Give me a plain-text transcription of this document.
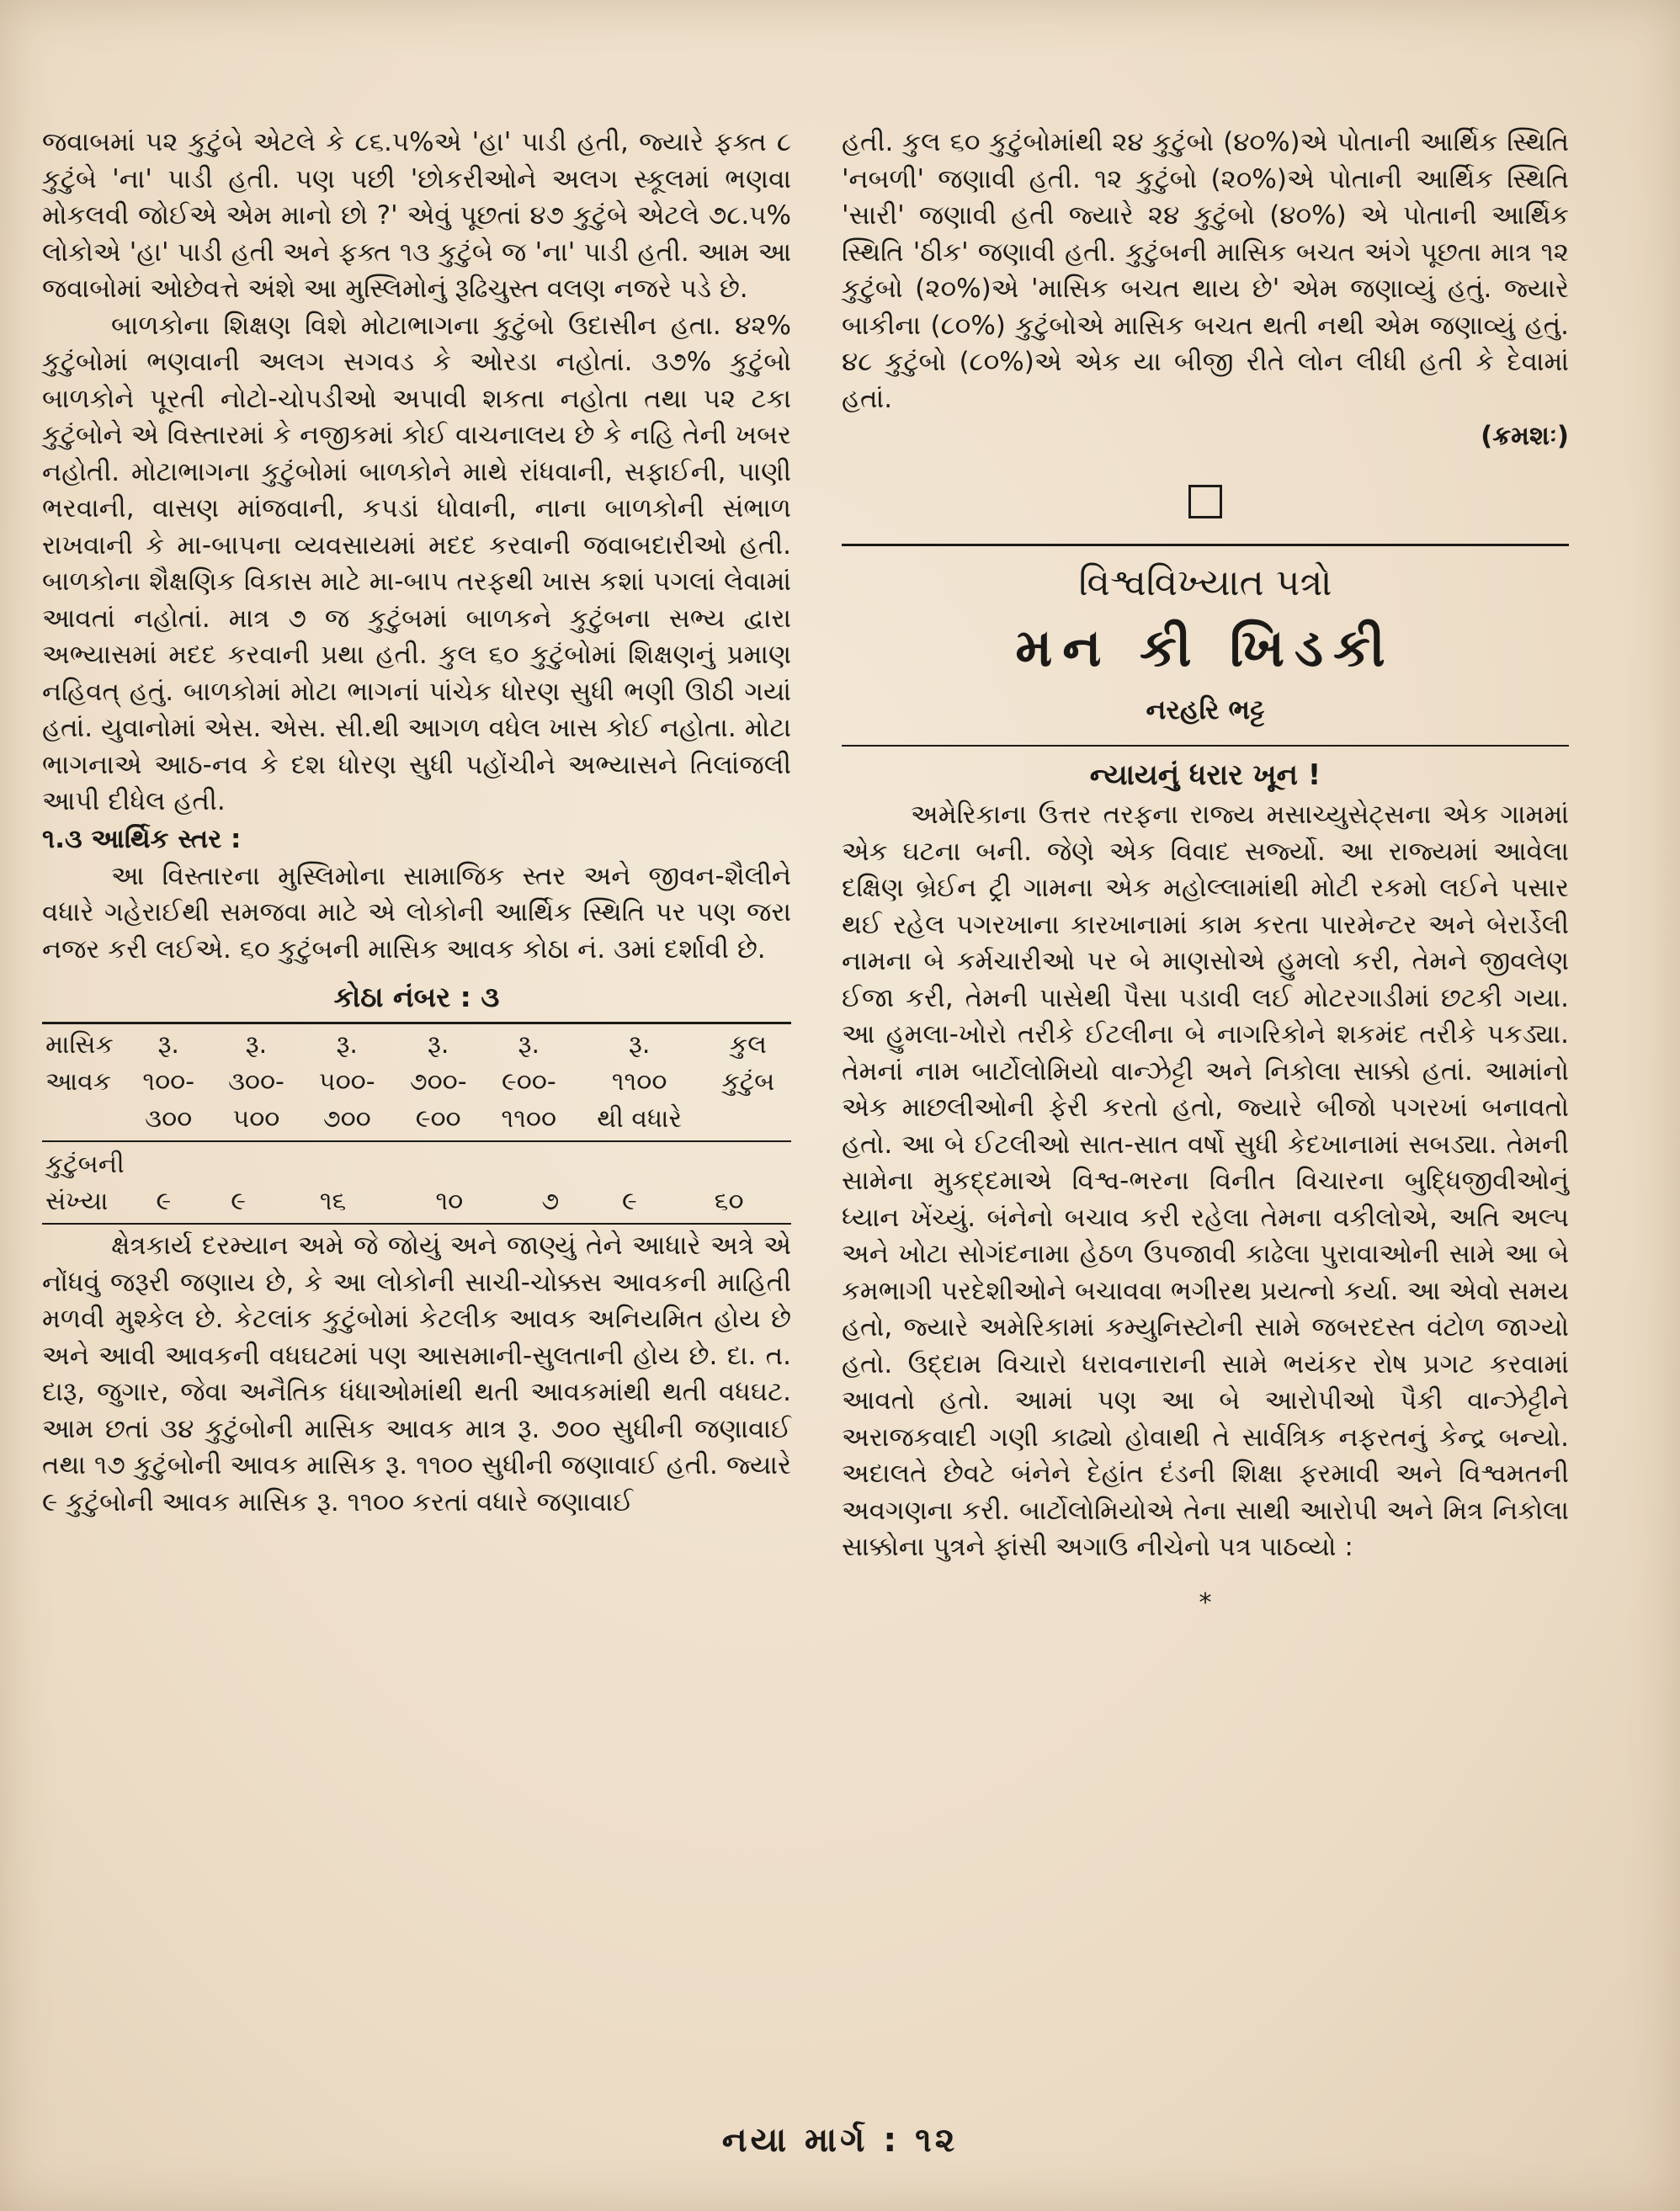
જવાબમાં ૫૨ કુટુંબે એટલે કે ૮૬.૫%એ 'હા' પાડી હતી, જ્યારે ફક્ત ૮ કુટુંબે 'ના' પાડી હતી. પણ પછી 'છોકરીઓને અલગ સ્કૂલમાં ભણવા મોકલવી જોઈએ એમ માનો છો ?' એવું પૂછતાં ૪૭ કુટુંબે એટલે ૭૮.૫% લોકોએ 'હા' પાડી હતી અને ફક્ત ૧૩ કુટુંબે જ 'ના' પાડી હતી. આમ આ જવાબોમાં ઓછેવત્તે અંશે આ મુસ્લિમોનું રૂઢિચુસ્ત વલણ નજરે પડે છે.

બાળકોના શિક્ષણ વિશે મોટાભાગના કુટુંબો ઉદાસીન હતા. ૪૨% કુટુંબોમાં ભણવાની અલગ સગવડ કે ઓરડા નહોતાં. ૩૭% કુટુંબો બાળકોને પૂરતી નોટો-ચોપડીઓ અપાવી શકતા નહોતા તથા ૫૨ ટકા કુટુંબોને એ વિસ્તારમાં કે નજીકમાં કોઈ વાચનાલય છે કે નહિ તેની ખબર નહોતી. મોટાભાગના કુટુંબોમાં બાળકોને માથે રાંધવાની, સફાઈની, પાણી ભરવાની, વાસણ માંજવાની, કપડાં ધોવાની, નાના બાળકોની સંભાળ રાખવાની કે મા-બાપના વ્યવસાયમાં મદદ કરવાની જવાબદારીઓ હતી. બાળકોના શૈક્ષણિક વિકાસ માટે મા-બાપ તરફથી ખાસ કશાં પગલાં લેવામાં આવતાં નહોતાં. માત્ર ૭ જ કુટુંબમાં બાળકને કુટુંબના સભ્ય દ્વારા અભ્યાસમાં મદદ કરવાની પ્રથા હતી. કુલ ૬૦ કુટુંબોમાં શિક્ષણનું પ્રમાણ નહિવત્ હતું. બાળકોમાં મોટા ભાગનાં પાંચેક ધોરણ સુધી ભણી ઊઠી ગયાં હતાં. યુવાનોમાં એસ. એસ. સી.થી આગળ વધેલ ખાસ કોઈ નહોતા. મોટા ભાગનાએ આઠ-નવ કે દશ ધોરણ સુધી પહોંચીને અભ્યાસને તિલાંજલી આપી દીધેલ હતી.

૧.૩ આર્થિક સ્તર :

આ વિસ્તારના મુસ્લિમોના સામાજિક સ્તર અને જીવન-શૈલીને વધારે ગહેરાઈથી સમજવા માટે એ લોકોની આર્થિક સ્થિતિ પર પણ જરા નજર કરી લઈએ. ૬૦ કુટુંબની માસિક આવક કોઠા નં. ૩માં દર્શાવી છે.

કોઠા નંબર : ૩
માસિક	રૂ.	રૂ.	રૂ.	રૂ.	રૂ.	રૂ.	કુલ
આવક	૧૦૦-	૩૦૦-	૫૦૦-	૭૦૦-	૯૦૦-	૧૧૦૦	કુટુંબ
	૩૦૦	૫૦૦	૭૦૦	૯૦૦	૧૧૦૦	થી વધારે	
કુટુંબની
સંખ્યા	૯	૯	૧૬	૧૦	૭	૯	૬૦

ક્ષેત્રકાર્ય દરમ્યાન અમે જે જોયું અને જાણ્યું તેને આધારે અત્રે એ નોંધવું જરૂરી જણાય છે, કે આ લોકોની સાચી-ચોક્કસ આવકની માહિતી મળવી મુશ્કેલ છે. કેટલાંક કુટુંબોમાં કેટલીક આવક અનિયમિત હોય છે અને આવી આવકની વધઘટમાં પણ આસમાની-સુલતાની હોય છે. દા. ત. દારૂ, જુગાર, જેવા અનૈતિક ધંધાઓમાંથી થતી આવકમાંથી થતી વધઘટ. આમ છતાં ૩૪ કુટુંબોની માસિક આવક માત્ર રૂ. ૭૦૦ સુધીની જણાવાઈ તથા ૧૭ કુટુંબોની આવક માસિક રૂ. ૧૧૦૦ સુધીની જણાવાઈ હતી. જ્યારે ૯ કુટુંબોની આવક માસિક રૂ. ૧૧૦૦ કરતાં વધારે જણાવાઈ

હતી. કુલ ૬૦ કુટુંબોમાંથી ૨૪ કુટુંબો (૪૦%)એ પોતાની આર્થિક સ્થિતિ 'નબળી' જણાવી હતી. ૧૨ કુટુંબો (૨૦%)એ પોતાની આર્થિક સ્થિતિ 'સારી' જણાવી હતી જ્યારે ૨૪ કુટુંબો (૪૦%) એ પોતાની આર્થિક સ્થિતિ 'ઠીક' જણાવી હતી. કુટુંબની માસિક બચત અંગે પૂછતા માત્ર ૧૨ કુટુંબો (૨૦%)એ 'માસિક બચત થાય છે' એમ જણાવ્યું હતું. જ્યારે બાકીના (૮૦%) કુટુંબોએ માસિક બચત થતી નથી એમ જણાવ્યું હતું. ૪૮ કુટુંબો (૮૦%)એ એક યા બીજી રીતે લોન લીધી હતી કે દેવામાં હતાં.

(ક્રમશઃ)

વિશ્વવિખ્યાત પત્રો
મન કી ખિડકી
નરહરિ ભટ્ટ
ન્યાયનું ધરાર ખૂન !

અમેરિકાના ઉત્તર તરફના રાજ્ય મસાચ્યુસેટ્સના એક ગામમાં એક ઘટના બની. જેણે એક વિવાદ સર્જ્યો. આ રાજ્યમાં આવેલા દક્ષિણ બ્રેઈન ટ્રી ગામના એક મહોલ્લામાંથી મોટી રકમો લઈને પસાર થઈ રહેલ પગરખાના કારખાનામાં કામ કરતા પારમેન્ટર અને બેરાર્ડેલી નામના બે કર્મચારીઓ પર બે માણસોએ હુમલો કરી, તેમને જીવલેણ ઈજા કરી, તેમની પાસેથી પૈસા પડાવી લઈ મોટરગાડીમાં છટકી ગયા. આ હુમલા-ખોરો તરીકે ઈટલીના બે નાગરિકોને શકમંદ તરીકે પકડ્યા. તેમનાં નામ બાર્ટોલોમિયો વાન્ઝેટ્ટી અને નિકોલા સાક્કો હતાં. આમાંનો એક માછલીઓની ફેરી કરતો હતો, જ્યારે બીજો પગરખાં બનાવતો હતો. આ બે ઈટલીઓ સાત-સાત વર્ષો સુધી કેદખાનામાં સબડ્યા. તેમની સામેના મુકદ્દમાએ વિશ્વ-ભરના વિનીત વિચારના બુદ્ધિજીવીઓનું ધ્યાન ખેંચ્યું. બંનેનો બચાવ કરી રહેલા તેમના વકીલોએ, અતિ અલ્પ અને ખોટા સોગંદનામા હેઠળ ઉપજાવી કાઢેલા પુરાવાઓની સામે આ બે કમભાગી પરદેશીઓને બચાવવા ભગીરથ પ્રયત્નો કર્યા. આ એવો સમય હતો, જ્યારે અમેરિકામાં કમ્યુનિસ્ટોની સામે જબરદસ્ત વંટોળ જાગ્યો હતો. ઉદ્દામ વિચારો ધરાવનારાની સામે ભયંકર રોષ પ્રગટ કરવામાં આવતો હતો. આમાં પણ આ બે આરોપીઓ પૈકી વાન્ઝેટ્ટીને અરાજકવાદી ગણી કાઢ્યો હોવાથી તે સાર્વત્રિક નફરતનું કેન્દ્ર બન્યો. અદાલતે છેવટે બંનેને દેહાંત દંડની શિક્ષા ફરમાવી અને વિશ્વમતની અવગણના કરી. બાર્ટોલોમિયોએ તેના સાથી આરોપી અને મિત્ર નિકોલા સાક્કોના પુત્રને ફાંસી અગાઉ નીચેનો પત્ર પાઠવ્યો :

*
નયા માર્ગ : ૧૨
